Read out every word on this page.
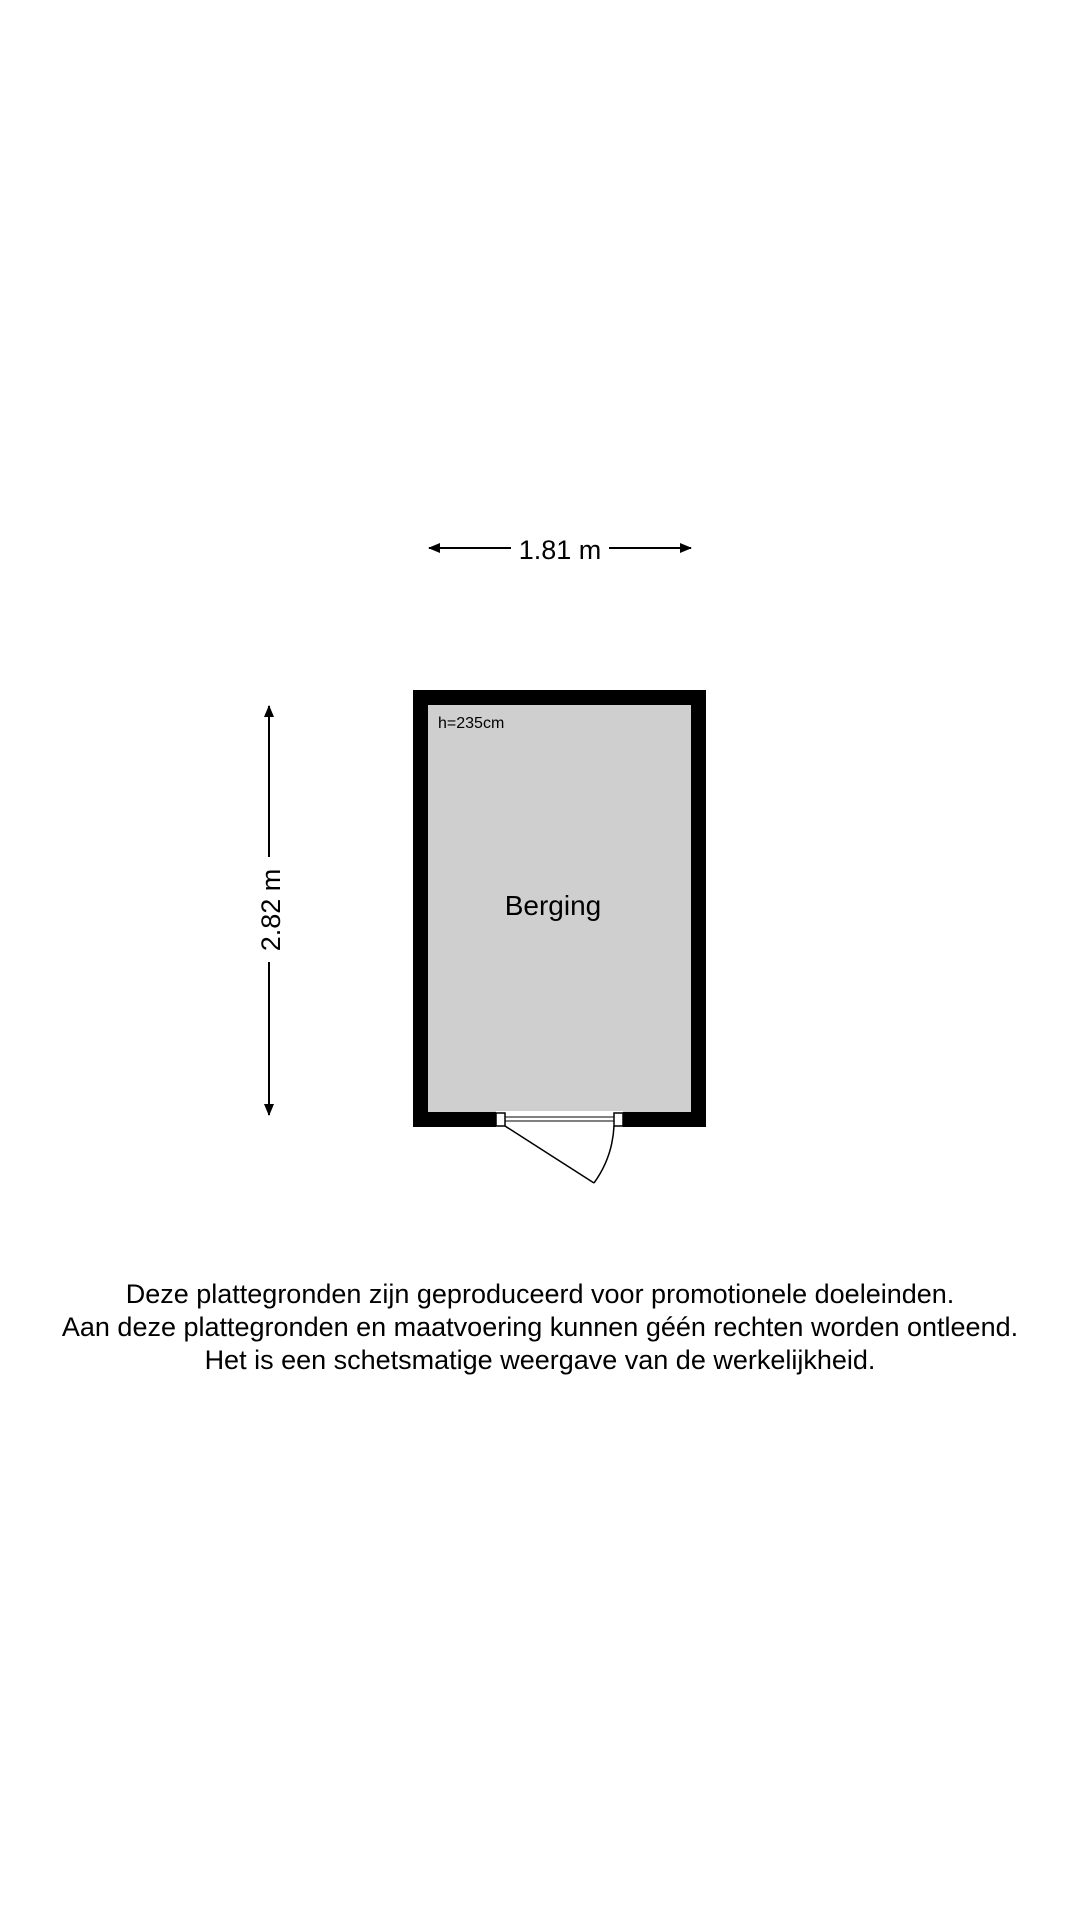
1.81 m
2.82 m
h=235cm
Berging
Deze plattegronden zijn geproduceerd voor promotionele doeleinden.
Aan deze plattegronden en maatvoering kunnen géén rechten worden ontleend.
Het is een schetsmatige weergave van de werkelijkheid.
